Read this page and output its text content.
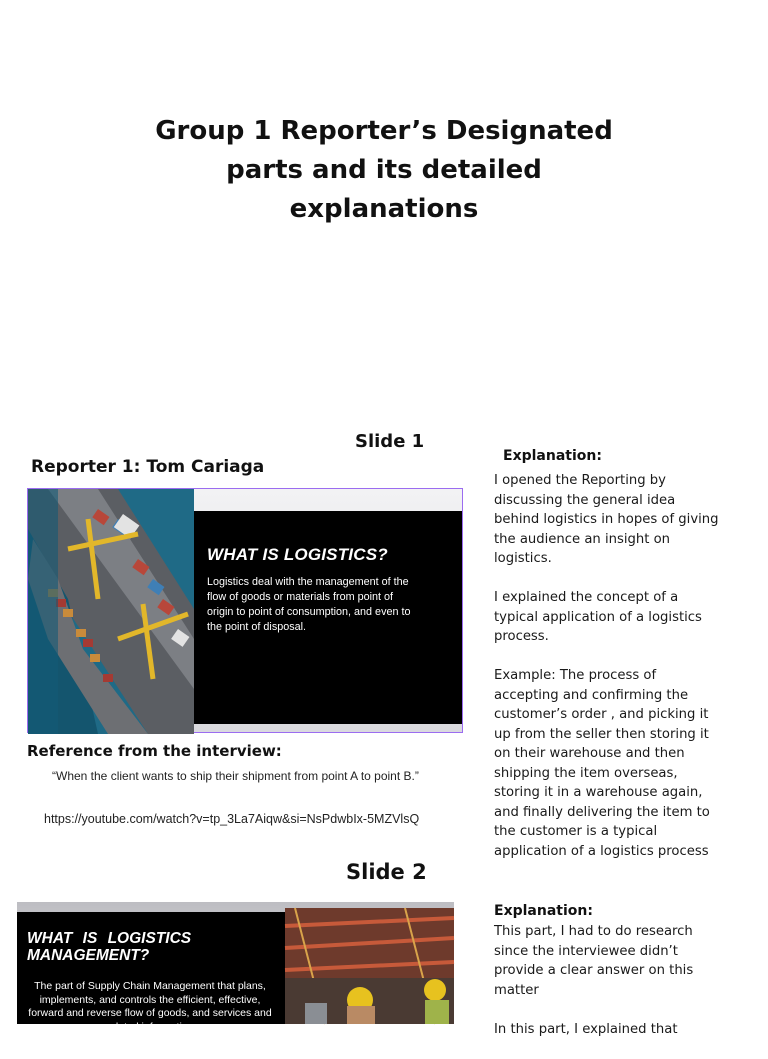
Group 1 Reporter’s Designated parts and its detailed explanations
Slide 1
Reporter 1: Tom Cariaga
WHAT IS LOGISTICS?
Logistics deal with the management of the flow of goods or materials from point of origin to point of consumption, and even to the point of disposal.
Explanation:

I opened the Reporting by discussing the general idea behind logistics in hopes of giving the audience an insight on logistics.

I explained the concept of a typical application of a logistics process.

Example: The process of accepting and confirming the customer’s order , and picking it up from the seller then storing it on their warehouse and then shipping the item overseas, storing it in a warehouse again, and finally delivering the item to the customer is a typical application of a logistics process

Reference from the interview:
“When the client wants to ship their shipment from point A to point B.”
https://youtube.com/watch?v=tp_3La7Aiqw&si=NsPdwbIx-5MZVlsQ
Slide 2
WHAT IS LOGISTICS MANAGEMENT?
The part of Supply Chain Management that plans, implements, and controls the efficient, effective, forward and reverse flow of goods, and services and related information
Explanation:

This part, I had to do research since the interviewee didn’t provide a clear answer on this matter

In this part, I explained that
